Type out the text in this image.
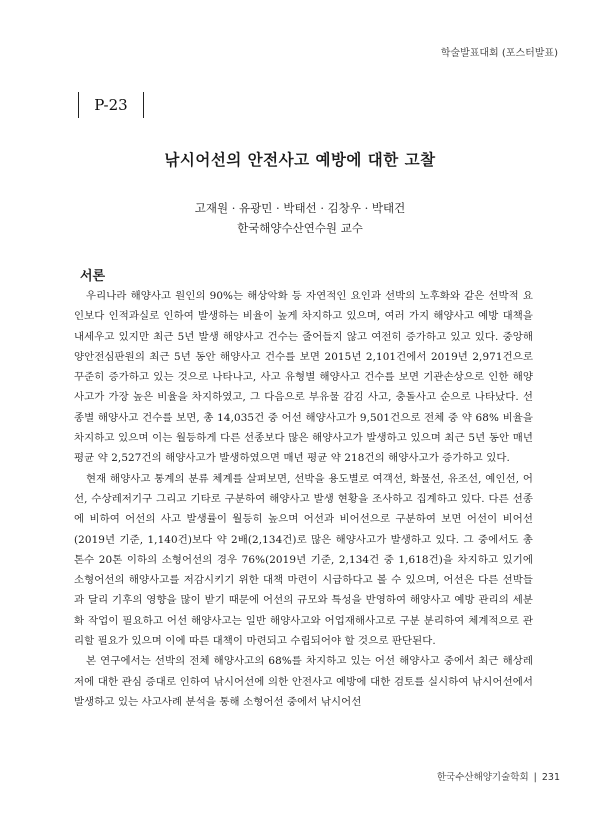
학술발표대회 (포스터발표)
P-23
낚시어선의 안전사고 예방에 대한 고찰
고재원 · 유광민 · 박태선 · 김창우 · 박태건
한국해양수산연수원 교수
서론

우리나라 해양사고 원인의 90%는 해상악화 등 자연적인 요인과 선박의 노후화와 같은 선박적 요인보다 인적과실로 인하여 발생하는 비율이 높게 차지하고 있으며, 여러 가지 해양사고 예방 대책을 내세우고 있지만 최근 5년 발생 해양사고 건수는 줄어들지 않고 여전히 증가하고 있고 있다. 중앙해양안전심판원의 최근 5년 동안 해양사고 건수를 보면 2015년 2,101건에서 2019년 2,971건으로 꾸준히 증가하고 있는 것으로 나타나고, 사고 유형별 해양사고 건수를 보면 기관손상으로 인한 해양사고가 가장 높은 비율을 차지하였고, 그 다음으로 부유물 감김 사고, 충돌사고 순으로 나타났다. 선종별 해양사고 건수를 보면, 총 14,035건 중 어선 해양사고가 9,501건으로 전체 중 약 68% 비율을 차지하고 있으며 이는 월등하게 다른 선종보다 많은 해양사고가 발생하고 있으며 최근 5년 동안 매년 평균 약 2,527건의 해양사고가 발생하였으면 매년 평균 약 218건의 해양사고가 증가하고 있다.

현재 해양사고 통계의 분류 체계를 살펴보면, 선박을 용도별로 여객선, 화물선, 유조선, 예인선, 어선, 수상레저기구 그리고 기타로 구분하여 해양사고 발생 현황을 조사하고 집계하고 있다. 다른 선종에 비하여 어선의 사고 발생률이 월등히 높으며 어선과 비어선으로 구분하여 보면 어선이 비어선(2019년 기준, 1,140건)보다 약 2배(2,134건)로 많은 해양사고가 발생하고 있다. 그 중에서도 총톤수 20톤 이하의 소형어선의 경우 76%(2019년 기준, 2,134건 중 1,618건)을 차지하고 있기에 소형어선의 해양사고를 저감시키기 위한 대책 마련이 시급하다고 볼 수 있으며, 어선은 다른 선박들과 달리 기후의 영향을 많이 받기 때문에 어선의 규모와 특성을 반영하여 해양사고 예방 관리의 세분화 작업이 필요하고 어선 해양사고는 일반 해양사고와 어업재해사고로 구분 분리하여 체계적으로 관리할 필요가 있으며 이에 따른 대책이 마련되고 수립되어야 할 것으로 판단된다.

본 연구에서는 선박의 전체 해양사고의 68%를 차지하고 있는 어선 해양사고 중에서 최근 해상레저에 대한 관심 증대로 인하여 낚시어선에 의한 안전사고 예방에 대한 검토를 실시하여 낚시어선에서 발생하고 있는 사고사례 분석을 통해 소형어선 중에서 낚시어선

한국수산해양기술학회 | 231
